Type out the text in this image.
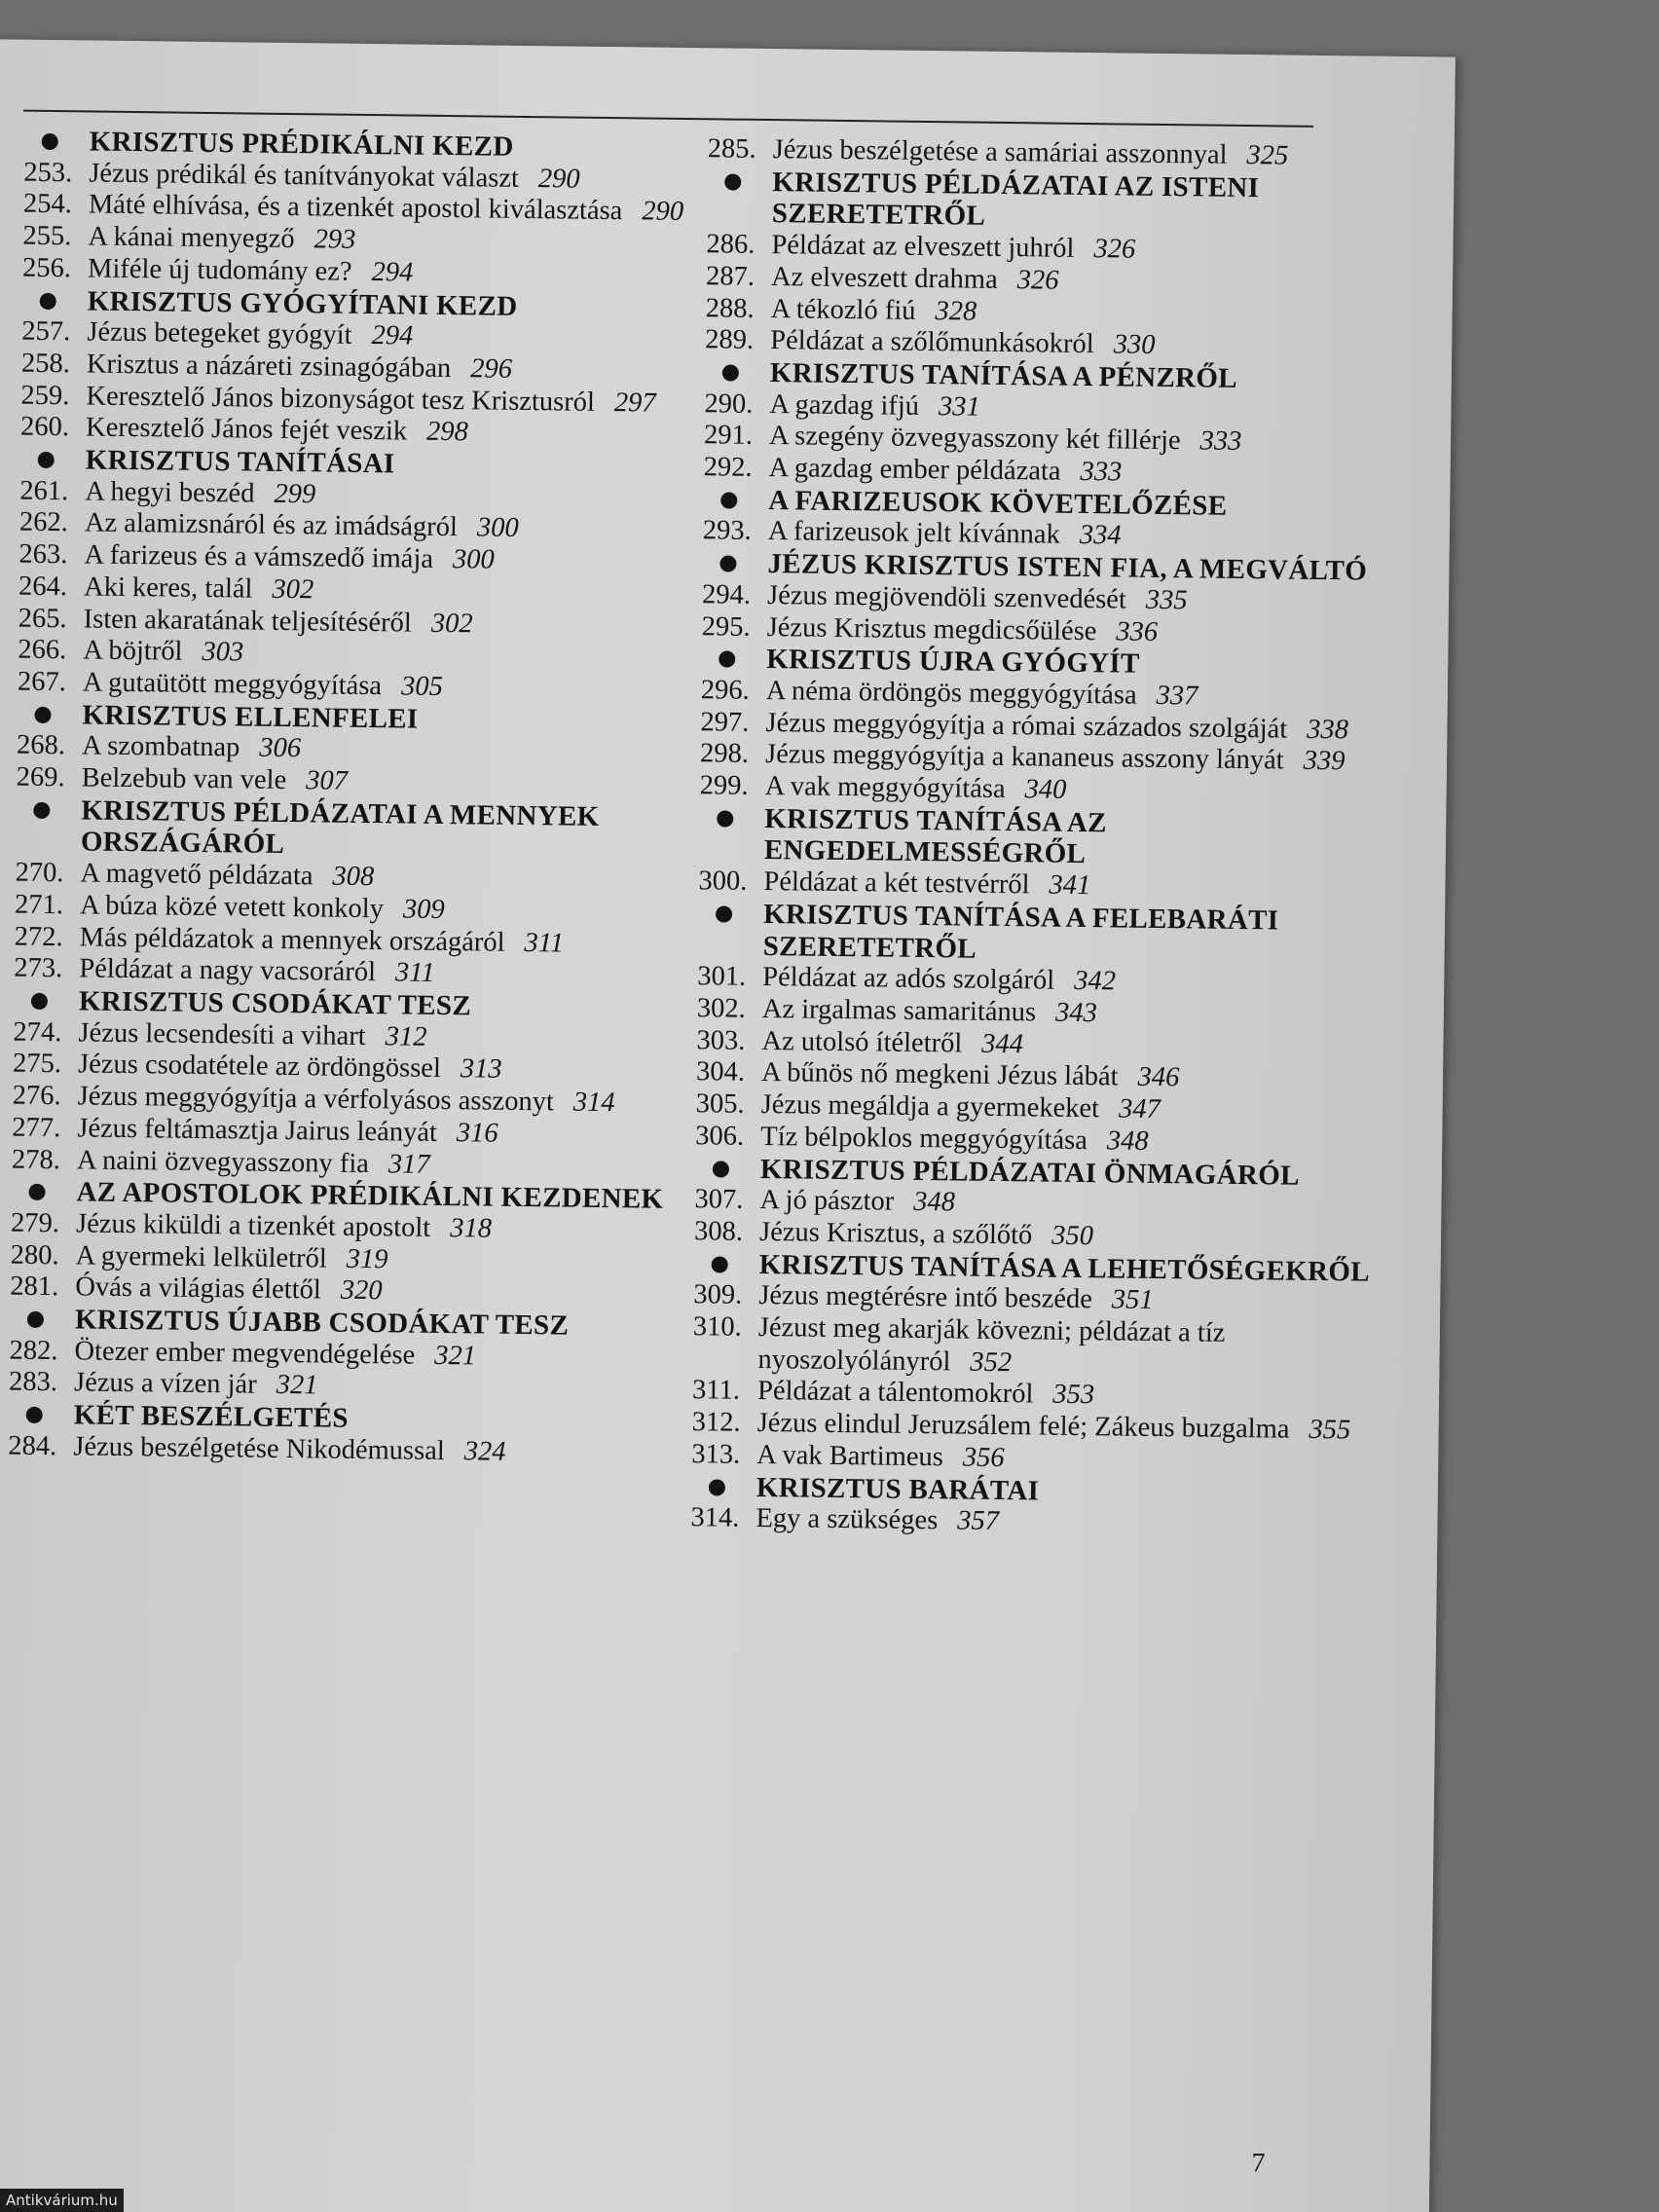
KRISZTUS PRÉDIKÁLNI KEZD
253. Jézus prédikál és tanítványokat választ 290
254. Máté elhívása, és a tizenkét apostol kiválasztása 290
255. A kánai menyegző 293
256. Miféle új tudomány ez? 294
KRISZTUS GYÓGYÍTANI KEZD
257. Jézus betegeket gyógyít 294
258. Krisztus a názáreti zsinagógában 296
259. Keresztelő János bizonyságot tesz Krisztusról 297
260. Keresztelő János fejét veszik 298
KRISZTUS TANÍTÁSAI
261. A hegyi beszéd 299
262. Az alamizsnáról és az imádságról 300
263. A farizeus és a vámszedő imája 300
264. Aki keres, talál 302
265. Isten akaratának teljesítéséről 302
266. A böjtről 303
267. A gutaütött meggyógyítása 305
KRISZTUS ELLENFELEI
268. A szombatnap 306
269. Belzebub van vele 307
KRISZTUS PÉLDÁZATAI A MENNYEK ORSZÁGÁRÓL
270. A magvető példázata 308
271. A búza közé vetett konkoly 309
272. Más példázatok a mennyek országáról 311
273. Példázat a nagy vacsoráról 311
KRISZTUS CSODÁKAT TESZ
274. Jézus lecsendesíti a vihart 312
275. Jézus csodatétele az ördöngössel 313
276. Jézus meggyógyítja a vérfolyásos asszonyt 314
277. Jézus feltámasztja Jairus leányát 316
278. A naini özvegyasszony fia 317
AZ APOSTOLOK PRÉDIKÁLNI KEZDENEK
279. Jézus kiküldi a tizenkét apostolt 318
280. A gyermeki lelkületről 319
281. Óvás a világias élettől 320
KRISZTUS ÚJABB CSODÁKAT TESZ
282. Ötezer ember megvendégelése 321
283. Jézus a vízen jár 321
KÉT BESZÉLGETÉS
284. Jézus beszélgetése Nikodémussal 324
285. Jézus beszélgetése a samáriai asszonnyal 325
KRISZTUS PÉLDÁZATAI AZ ISTENI SZERETETRŐL
286. Példázat az elveszett juhról 326
287. Az elveszett drahma 326
288. A tékozló fiú 328
289. Példázat a szőlőmunkásokról 330
KRISZTUS TANÍTÁSA A PÉNZRŐL
290. A gazdag ifjú 331
291. A szegény özvegyasszony két fillérje 333
292. A gazdag ember példázata 333
A FARIZEUSOK KÖVETELŐZÉSE
293. A farizeusok jelt kívánnak 334
JÉZUS KRISZTUS ISTEN FIA, A MEGVÁLTÓ
294. Jézus megjövendöli szenvedését 335
295. Jézus Krisztus megdicsőülése 336
KRISZTUS ÚJRA GYÓGYÍT
296. A néma ördöngös meggyógyítása 337
297. Jézus meggyógyítja a római százados szolgáját 338
298. Jézus meggyógyítja a kananeus asszony lányát 339
299. A vak meggyógyítása 340
KRISZTUS TANÍTÁSA AZ ENGEDELMESSÉGRŐL
300. Példázat a két testvérről 341
KRISZTUS TANÍTÁSA A FELEBARÁTI SZERETETRŐL
301. Példázat az adós szolgáról 342
302. Az irgalmas samaritánus 343
303. Az utolsó ítéletről 344
304. A bűnös nő megkeni Jézus lábát 346
305. Jézus megáldja a gyermekeket 347
306. Tíz bélpoklos meggyógyítása 348
KRISZTUS PÉLDÁZATAI ÖNMAGÁRÓL
307. A jó pásztor 348
308. Jézus Krisztus, a szőlőtő 350
KRISZTUS TANÍTÁSA A LEHETŐSÉGEKRŐL
309. Jézus megtérésre intő beszéde 351
310. Jézust meg akarják kövezni; példázat a tíz nyoszolyólányról 352
311. Példázat a tálentomokról 353
312. Jézus elindul Jeruzsálem felé; Zákeus buzgalma 355
313. A vak Bartimeus 356
KRISZTUS BARÁTAI
314. Egy a szükséges 357
7
Antikvárium.hu
